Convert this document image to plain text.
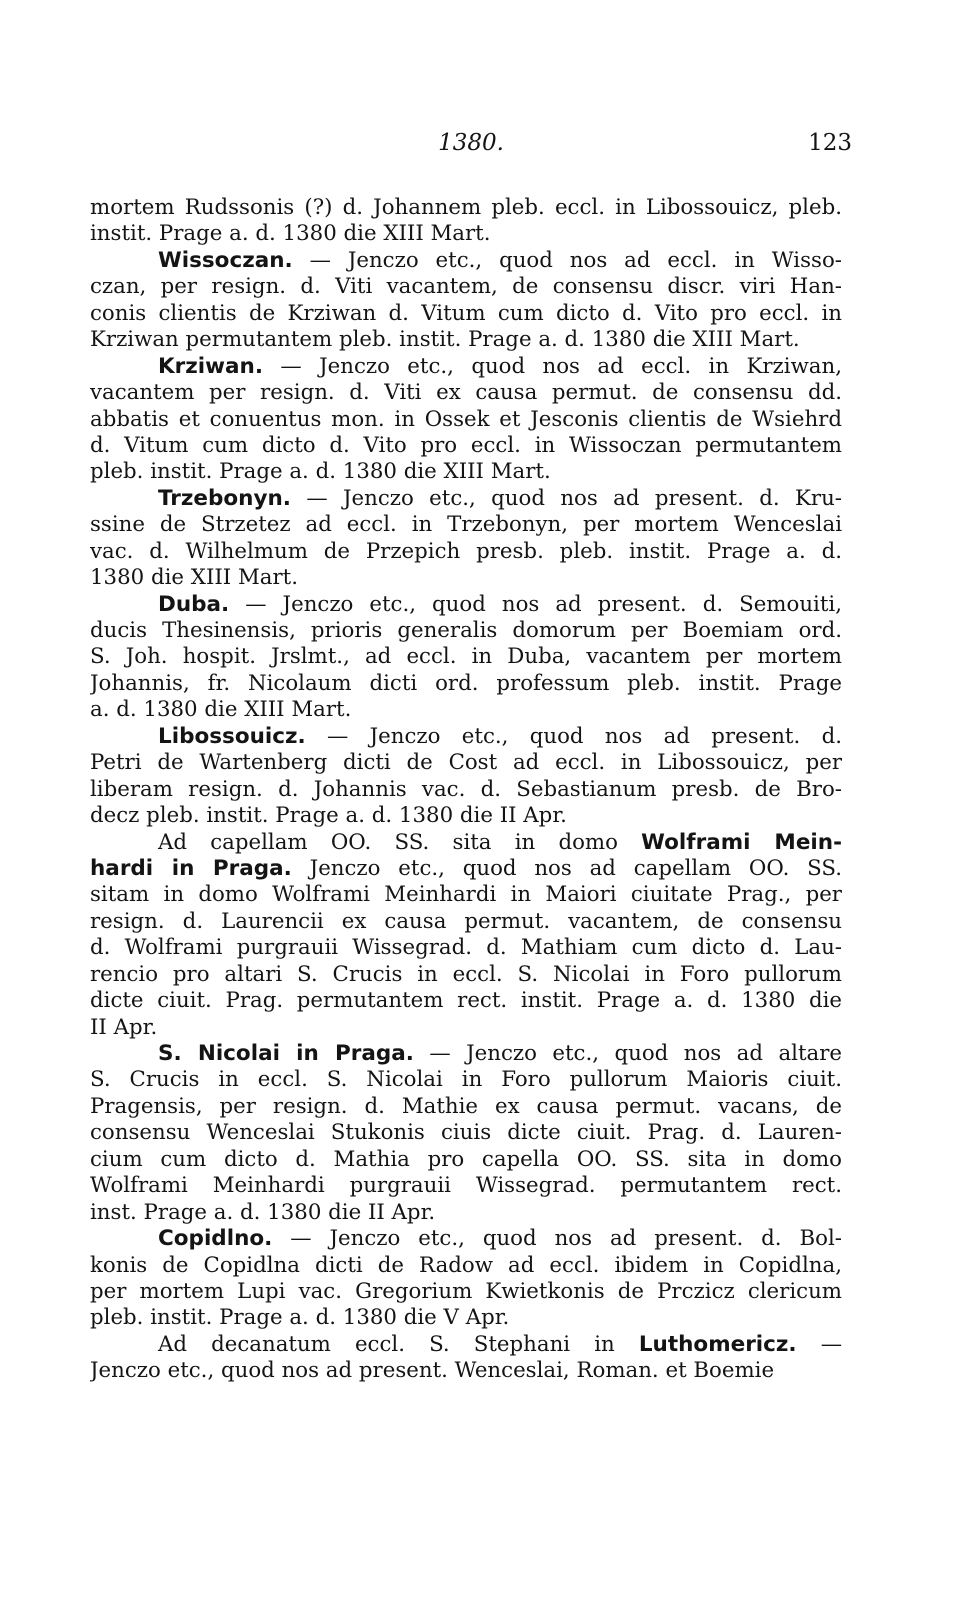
1380.	123
mortem Rudssonis (?) d. Johannem pleb. eccl. in Libossouicz, pleb.
instit. Prage a. d. 1380 die XIII Mart.
Wissoczan. — Jenczo etc., quod nos ad eccl. in Wisso-
czan, per resign. d. Viti vacantem, de consensu discr. viri Han-
conis clientis de Krziwan d. Vitum cum dicto d. Vito pro eccl. in
Krziwan permutantem pleb. instit. Prage a. d. 1380 die XIII Mart.
Krziwan. — Jenczo etc., quod nos ad eccl. in Krziwan,
vacantem per resign. d. Viti ex causa permut. de consensu dd.
abbatis et conuentus mon. in Ossek et Jesconis clientis de Wsiehrd
d. Vitum cum dicto d. Vito pro eccl. in Wissoczan permutantem
pleb. instit. Prage a. d. 1380 die XIII Mart.
Trzebonyn. — Jenczo etc., quod nos ad present. d. Kru-
ssine de Strzetez ad eccl. in Trzebonyn, per mortem Wenceslai
vac. d. Wilhelmum de Przepich presb. pleb. instit. Prage a. d.
1380 die XIII Mart.
Duba. — Jenczo etc., quod nos ad present. d. Semouiti,
ducis Thesinensis, prioris generalis domorum per Boemiam ord.
S. Joh. hospit. Jrslmt., ad eccl. in Duba, vacantem per mortem
Johannis, fr. Nicolaum dicti ord. professum pleb. instit. Prage
a. d. 1380 die XIII Mart.
Libossouicz. — Jenczo etc., quod nos ad present. d.
Petri de Wartenberg dicti de Cost ad eccl. in Libossouicz, per
liberam resign. d. Johannis vac. d. Sebastianum presb. de Bro-
decz pleb. instit. Prage a. d. 1380 die II Apr.
Ad capellam OO. SS. sita in domo Wolframi Mein-
hardi in Praga. Jenczo etc., quod nos ad capellam OO. SS.
sitam in domo Wolframi Meinhardi in Maiori ciuitate Prag., per
resign. d. Laurencii ex causa permut. vacantem, de consensu
d. Wolframi purgrauii Wissegrad. d. Mathiam cum dicto d. Lau-
rencio pro altari S. Crucis in eccl. S. Nicolai in Foro pullorum
dicte ciuit. Prag. permutantem rect. instit. Prage a. d. 1380 die
II Apr.
S. Nicolai in Praga. — Jenczo etc., quod nos ad altare
S. Crucis in eccl. S. Nicolai in Foro pullorum Maioris ciuit.
Pragensis, per resign. d. Mathie ex causa permut. vacans, de
consensu Wenceslai Stukonis ciuis dicte ciuit. Prag. d. Lauren-
cium cum dicto d. Mathia pro capella OO. SS. sita in domo
Wolframi Meinhardi purgrauii Wissegrad. permutantem rect.
inst. Prage a. d. 1380 die II Apr.
Copidlno. — Jenczo etc., quod nos ad present. d. Bol-
konis de Copidlna dicti de Radow ad eccl. ibidem in Copidlna,
per mortem Lupi vac. Gregorium Kwietkonis de Prczicz clericum
pleb. instit. Prage a. d. 1380 die V Apr.
Ad decanatum eccl. S. Stephani in Luthomericz. —
Jenczo etc., quod nos ad present. Wenceslai, Roman. et Boemie
